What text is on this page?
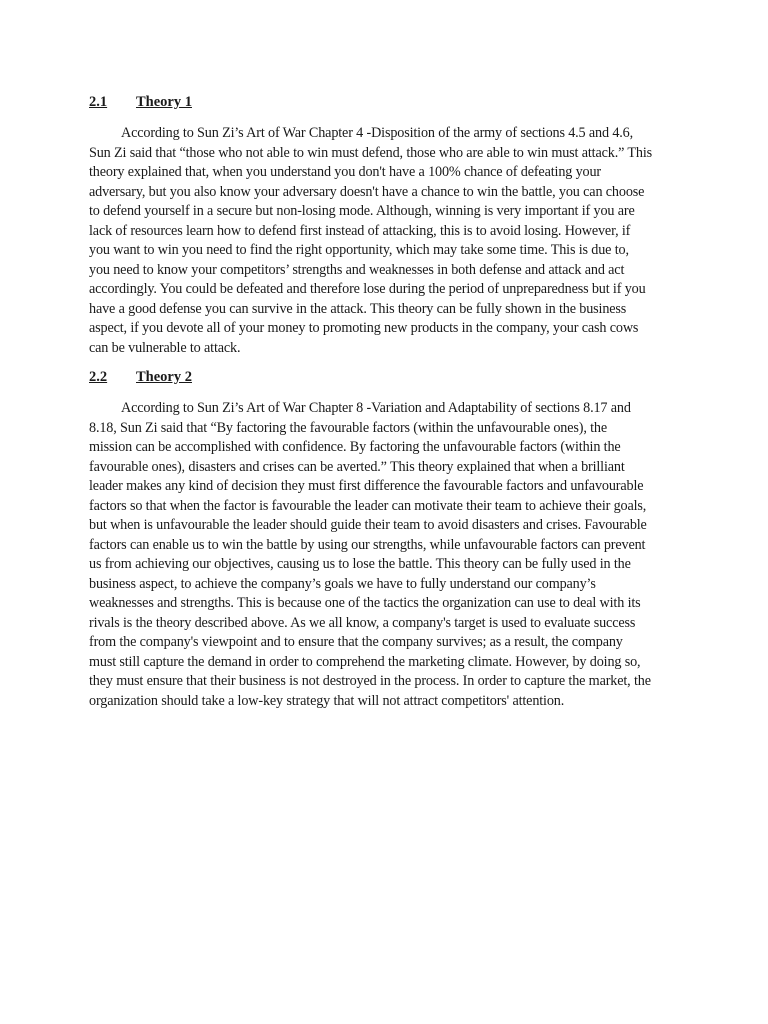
2.1	Theory 1

According to Sun Zi’s Art of War Chapter 4 -Disposition of the army of sections 4.5 and 4.6, Sun Zi said that “those who not able to win must defend, those who are able to win must attack.” This theory explained that, when you understand you don't have a 100% chance of defeating your adversary, but you also know your adversary doesn't have a chance to win the battle, you can choose to defend yourself in a secure but non-losing mode. Although, winning is very important if you are lack of resources learn how to defend first instead of attacking, this is to avoid losing. However, if you want to win you need to find the right opportunity, which may take some time. This is due to, you need to know your competitors’ strengths and weaknesses in both defense and attack and act accordingly. You could be defeated and therefore lose during the period of unpreparedness but if you have a good defense you can survive in the attack. This theory can be fully shown in the business aspect, if you devote all of your money to promoting new products in the company, your cash cows can be vulnerable to attack.

2.2	Theory 2

According to Sun Zi’s Art of War Chapter 8 -Variation and Adaptability of sections 8.17 and 8.18, Sun Zi said that “By factoring the favourable factors (within the unfavourable ones), the mission can be accomplished with confidence. By factoring the unfavourable factors (within the favourable ones), disasters and crises can be averted.” This theory explained that when a brilliant leader makes any kind of decision they must first difference the favourable factors and unfavourable factors so that when the factor is favourable the leader can motivate their team to achieve their goals, but when is unfavourable the leader should guide their team to avoid disasters and crises. Favourable factors can enable us to win the battle by using our strengths, while unfavourable factors can prevent us from achieving our objectives, causing us to lose the battle. This theory can be fully used in the business aspect, to achieve the company’s goals we have to fully understand our company’s weaknesses and strengths. This is because one of the tactics the organization can use to deal with its rivals is the theory described above. As we all know, a company's target is used to evaluate success from the company's viewpoint and to ensure that the company survives; as a result, the company must still capture the demand in order to comprehend the marketing climate. However, by doing so, they must ensure that their business is not destroyed in the process. In order to capture the market, the organization should take a low-key strategy that will not attract competitors' attention.
